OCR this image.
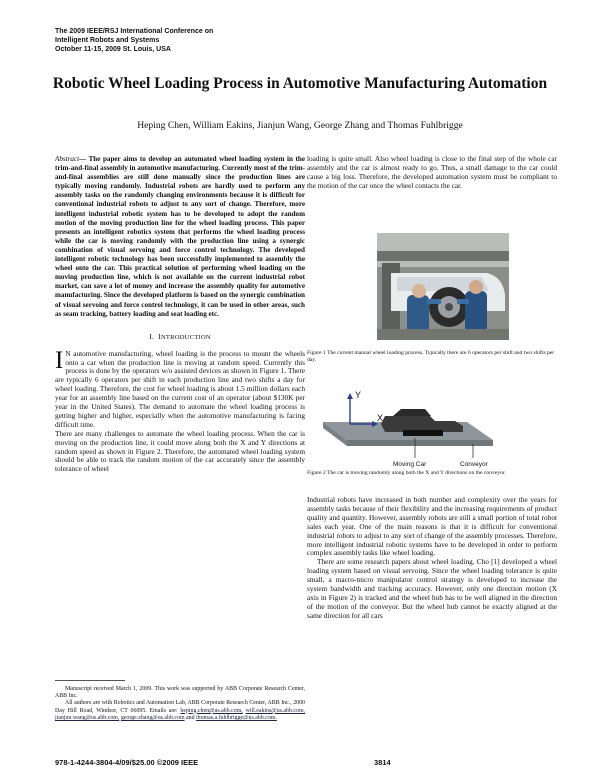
The 2009 IEEE/RSJ International Conference on
Intelligent Robots and Systems
October 11-15, 2009 St. Louis, USA
Robotic Wheel Loading Process in Automotive Manufacturing Automation
Heping Chen, William Eakins, Jianjun Wang, George Zhang and Thomas Fuhlbrigge

Abstract— The paper aims to develop an automated wheel loading system in the trim-and-final assembly in automotive manufacturing. Currently most of the trim-and-final assemblies are still done manually since the production lines are typically moving randomly. Industrial robots are hardly used to perform any assembly tasks on the randomly changing environments because it is difficult for conventional industrial robots to adjust to any sort of change. Therefore, more intelligent industrial robotic system has to be developed to adopt the random motion of the moving production line for the wheel loading process. This paper presents an intelligent robotics system that performs the wheel loading process while the car is moving randomly with the production line using a synergic combination of visual servoing and force control technology. The developed intelligent robotic technology has been successfully implemented to assembly the wheel onto the car. This practical solution of performing wheel loading on the moving production line, which is not available on the current industrial robot market, can save a lot of money and increase the assembly quality for automotive manufacturing. Since the developed platform is based on the synergic combination of visual servoing and force control technology, it can be used in other areas, such as seam tracking, battery loading and seat loading etc.

I. INTRODUCTION

I N automotive manufacturing, wheel loading is the process to mount the wheels onto a car when the production line is moving at random speed. Currently this process is done by the operators w/o assisted devices as shown in Figure 1. There are typically 6 operators per shift in each production line and two shifts a day for wheel loading. Therefore, the cost for wheel loading is about 1.5 million dollars each year for an assembly line based on the current cost of an operator (about $130K per year in the United States). The demand to automate the wheel loading process is getting higher and higher, especially when the automotive manufacturing is facing difficult time.

There are many challenges to automate the wheel loading process. When the car is moving on the production line, it could move along both the X and Y directions at random speed as shown in Figure 2. Therefore, the automated wheel loading system should be able to track the random motion of the car accurately since the assembly tolerance of wheel

Manuscript received March 1, 2009. This work was supported by ABB Corporate Research Center, ABB Inc.

All authors are with Robotics and Automation Lab, ABB Corporate Research Center, ABB Inc., 2000 Day Hill Road, Windsor, CT 06095. Emails are: heping.chen@us.abb.com, will.eakins@us.abb.com, jianjun.wang@us.abb.com, george.zhang@us.abb.com and thomas.a.fuhlbrigge@us.abb.com.

loading is quite small. Also wheel loading is close to the final step of the whole car assembly and the car is almost ready to go. Thus, a small damage to the car could cause a big loss. Therefore, the developed automation system must be compliant to the motion of the car once the wheel contacts the car.

Figure 1 The current manual wheel loading process. Typically there are 6 operators per shift and two shifts per day.

Y
X
Moving Car	Conveyor

Figure 2 The car is moving randomly along both the X and Y directions on the conveyor.

Industrial robots have increased in both number and complexity over the years for assembly tasks because of their flexibility and the increasing requirements of product quality and quantity. However, assembly robots are still a small portion of total robot sales each year. One of the main reasons is that it is difficult for conventional industrial robots to adjust to any sort of change of the assembly processes. Therefore, more intelligent industrial robotic systems have to be developed in order to perform complex assembly tasks like wheel loading.

There are some research papers about wheel loading. Cho [1] developed a wheel loading system based on visual servoing. Since the wheel loading tolerance is quite small, a macro-micro manipulator control strategy is developed to increase the system bandwidth and tracking accuracy. However, only one direction motion (X axis in Figure 2) is tracked and the wheel hub has to be well aligned in the direction of the motion of the conveyor. But the wheel hub cannot be exactly aligned at the same direction for all cars

978-1-4244-3804-4/09/$25.00 ©2009 IEEE	3814
